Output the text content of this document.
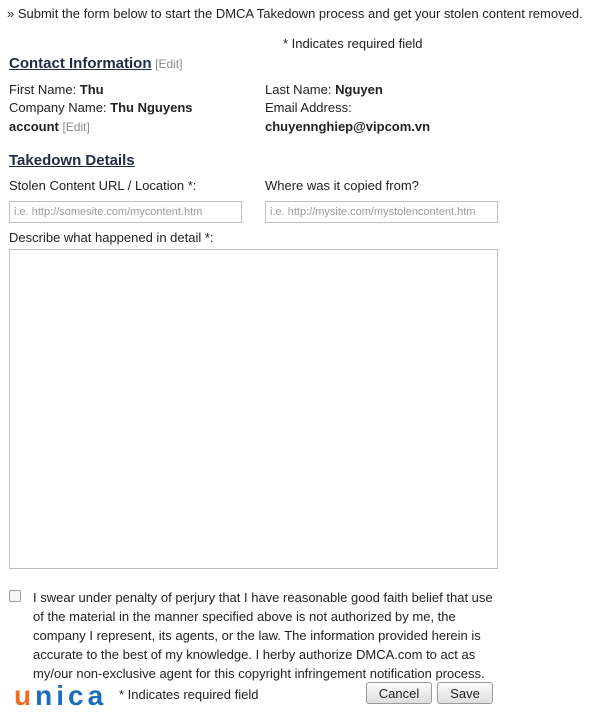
» Submit the form below to start the DMCA Takedown process and get your stolen content removed.
* Indicates required field
Contact Information [Edit]
First Name: Thu	Last Name: Nguyen
Company Name: Thu Nguyens
account [Edit]
Email Address:
chuyennghiep@vipcom.vn
Takedown Details
Stolen Content URL / Location *:	Where was it copied from?
i.e. http://somesite.com/mycontent.htm
i.e. http://mysite.com/mystolencontent.htm
Describe what happened in detail *:
I swear under penalty of perjury that I have reasonable good faith belief that use of the material in the manner specified above is not authorized by me, the company I represent, its agents, or the law. The information provided herein is accurate to the best of my knowledge. I herby authorize DMCA.com to act as my/our non-exclusive agent for this copyright infringement notification process.
unica * Indicates required field	Cancel	Save
